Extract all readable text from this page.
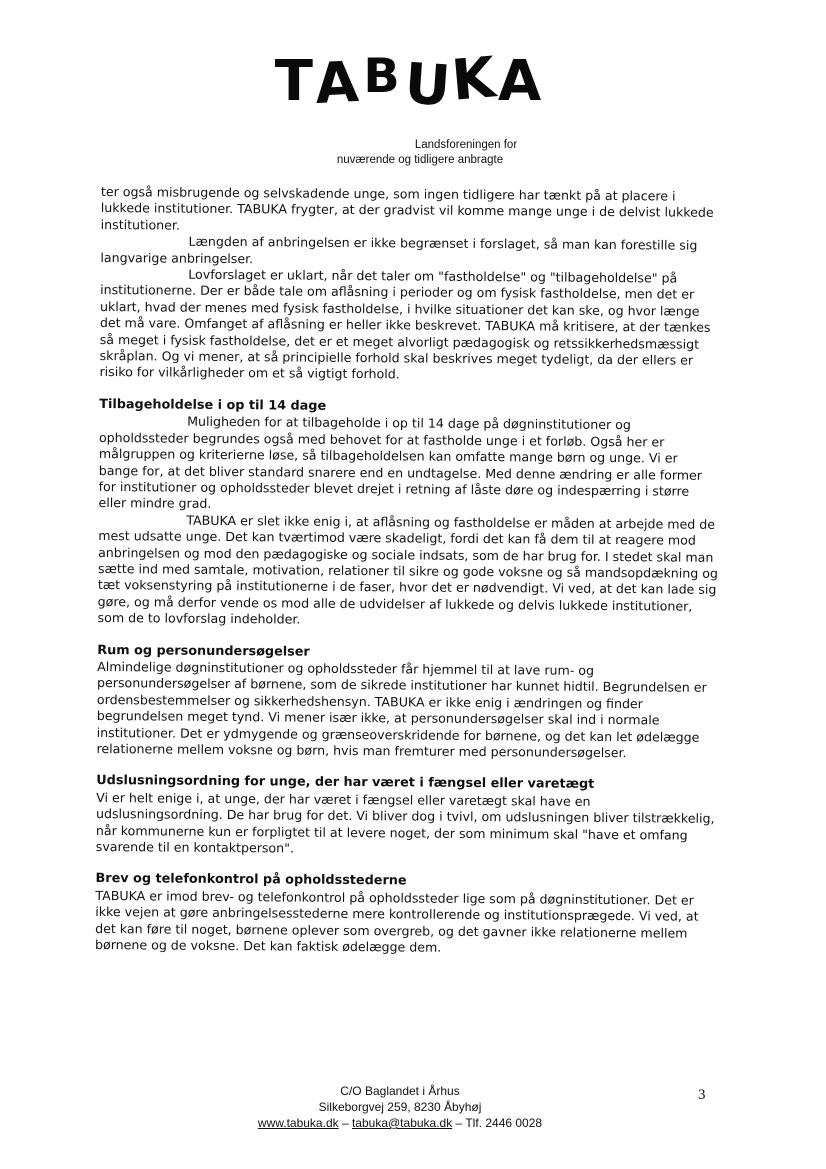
TABUKA
Landsforeningen for
nuværende og tidligere anbragte

ter også misbrugende og selvskadende unge, som ingen tidligere har tænkt på at placere i lukkede institutioner. TABUKA frygter, at der gradvist vil komme mange unge i de delvist lukkede institutioner.

Længden af anbringelsen er ikke begrænset i forslaget, så man kan forestille sig langvarige anbringelser.

Lovforslaget er uklart, når det taler om "fastholdelse" og "tilbageholdelse" på institutionerne. Der er både tale om aflåsning i perioder og om fysisk fastholdelse, men det er uklart, hvad der menes med fysisk fastholdelse, i hvilke situationer det kan ske, og hvor længe det må vare. Omfanget af aflåsning er heller ikke beskrevet. TABUKA må kritisere, at der tænkes så meget i fysisk fastholdelse, det er et meget alvorligt pædagogisk og retssikkerhedsmæssigt skråplan. Og vi mener, at så principielle forhold skal beskrives meget tydeligt, da der ellers er risiko for vilkårligheder om et så vigtigt forhold.

Tilbageholdelse i op til 14 dage

Muligheden for at tilbageholde i op til 14 dage på døgninstitutioner og opholdssteder begrundes også med behovet for at fastholde unge i et forløb. Også her er målgruppen og kriterierne løse, så tilbageholdelsen kan omfatte mange børn og unge. Vi er bange for, at det bliver standard snarere end en undtagelse. Med denne ændring er alle former for institutioner og opholdssteder blevet drejet i retning af låste døre og indespærring i større eller mindre grad.

TABUKA er slet ikke enig i, at aflåsning og fastholdelse er måden at arbejde med de mest udsatte unge. Det kan tværtimod være skadeligt, fordi det kan få dem til at reagere mod anbringelsen og mod den pædagogiske og sociale indsats, som de har brug for. I stedet skal man sætte ind med samtale, motivation, relationer til sikre og gode voksne og så mandsopdækning og tæt voksenstyring på institutionerne i de faser, hvor det er nødvendigt. Vi ved, at det kan lade sig gøre, og må derfor vende os mod alle de udvidelser af lukkede og delvis lukkede institutioner, som de to lovforslag indeholder.

Rum og personundersøgelser

Almindelige døgninstitutioner og opholdssteder får hjemmel til at lave rum- og personundersøgelser af børnene, som de sikrede institutioner har kunnet hidtil. Begrundelsen er ordensbestemmelser og sikkerhedshensyn. TABUKA er ikke enig i ændringen og finder begrundelsen meget tynd. Vi mener især ikke, at personundersøgelser skal ind i normale institutioner. Det er ydmygende og grænseoverskridende for børnene, og det kan let ødelægge relationerne mellem voksne og børn, hvis man fremturer med personundersøgelser.

Udslusningsordning for unge, der har været i fængsel eller varetægt

Vi er helt enige i, at unge, der har været i fængsel eller varetægt skal have en udslusningsordning. De har brug for det. Vi bliver dog i tvivl, om udslusningen bliver tilstrækkelig, når kommunerne kun er forpligtet til at levere noget, der som minimum skal "have et omfang svarende til en kontaktperson".

Brev og telefonkontrol på opholdsstederne

TABUKA er imod brev- og telefonkontrol på opholdssteder lige som på døgninstitutioner. Det er ikke vejen at gøre anbringelsesstederne mere kontrollerende og institutionsprægede. Vi ved, at det kan føre til noget, børnene oplever som overgreb, og det gavner ikke relationerne mellem børnene og de voksne. Det kan faktisk ødelægge dem.

C/O Baglandet i Århus
Silkeborgvej 259, 8230 Åbyhøj
www.tabuka.dk – tabuka@tabuka.dk – Tlf. 2446 0028
3
